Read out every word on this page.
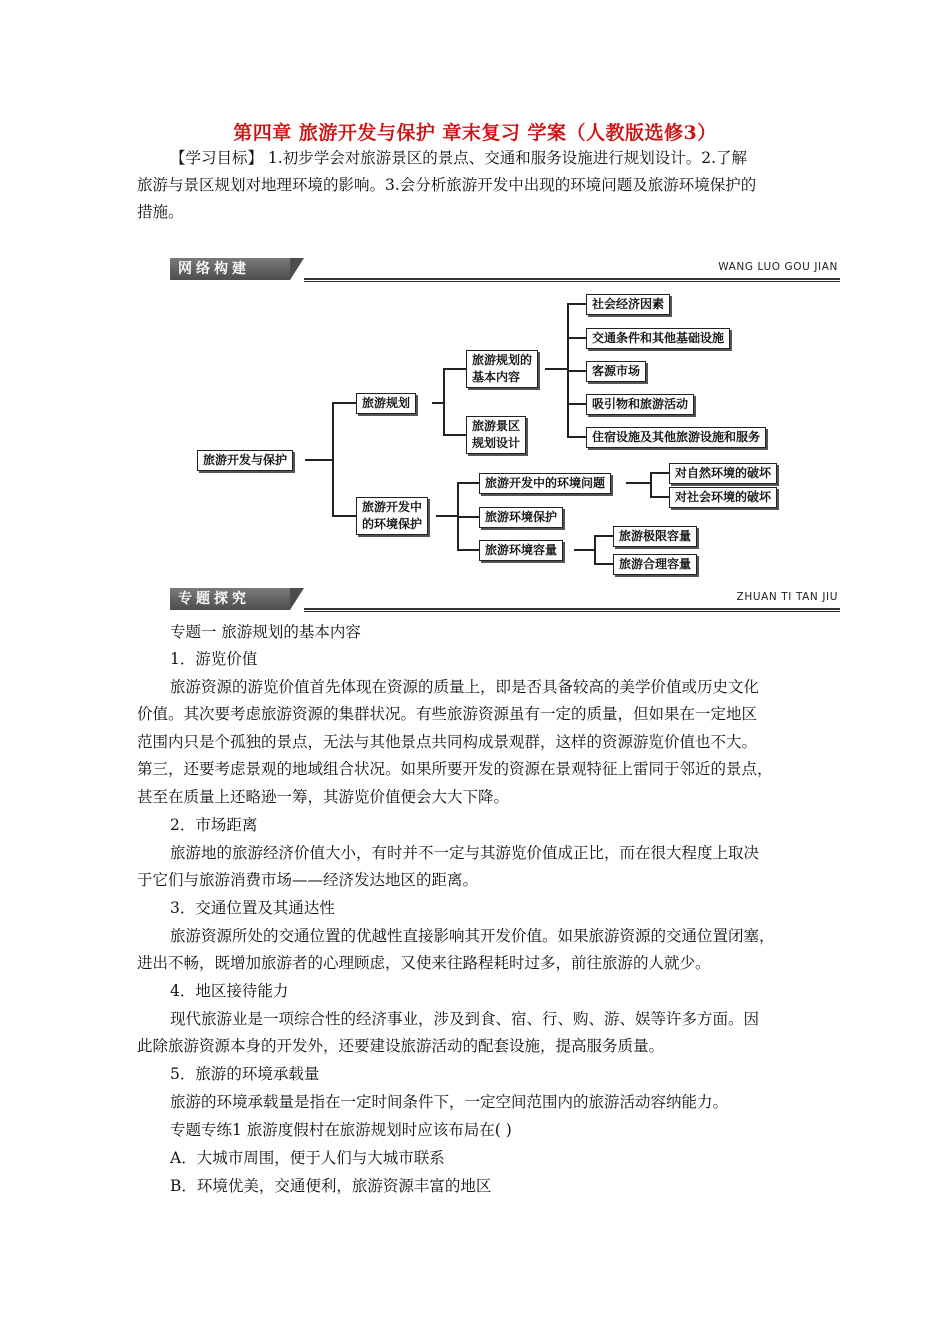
第四章 旅游开发与保护 章末复习 学案（人教版选修3）
【学习目标】 1.初步学会对旅游景区的景点、交通和服务设施进行规划设计。2.了解
旅游与景区规划对地理环境的影响。3.会分析旅游开发中出现的环境问题及旅游环境保护的
措施。
网络构建	WANG LUO GOU JIAN
旅游开发与保护
旅游规划
旅游规划的
基本内容
旅游景区
规划设计
社会经济因素
交通条件和其他基础设施
客源市场
吸引物和旅游活动
住宿设施及其他旅游设施和服务
旅游开发中
的环境保护
旅游开发中的环境问题
对自然环境的破坏
对社会环境的破坏
旅游环境保护
旅游环境容量
旅游极限容量
旅游合理容量
专题探究	ZHUAN TI TAN JIU
专题一 旅游规划的基本内容
1．游览价值
旅游资源的游览价值首先体现在资源的质量上，即是否具备较高的美学价值或历史文化
价值。其次要考虑旅游资源的集群状况。有些旅游资源虽有一定的质量，但如果在一定地区
范围内只是个孤独的景点，无法与其他景点共同构成景观群，这样的资源游览价值也不大。
第三，还要考虑景观的地域组合状况。如果所要开发的资源在景观特征上雷同于邻近的景点，
甚至在质量上还略逊一筹，其游览价值便会大大下降。
2．市场距离
旅游地的旅游经济价值大小，有时并不一定与其游览价值成正比，而在很大程度上取决
于它们与旅游消费市场——经济发达地区的距离。
3．交通位置及其通达性
旅游资源所处的交通位置的优越性直接影响其开发价值。如果旅游资源的交通位置闭塞，
进出不畅，既增加旅游者的心理顾虑，又使来往路程耗时过多，前往旅游的人就少。
4．地区接待能力
现代旅游业是一项综合性的经济事业，涉及到食、宿、行、购、游、娱等许多方面。因
此除旅游资源本身的开发外，还要建设旅游活动的配套设施，提高服务质量。
5．旅游的环境承载量
旅游的环境承载量是指在一定时间条件下，一定空间范围内的旅游活动容纳能力。
专题专练1 旅游度假村在旅游规划时应该布局在( )
A．大城市周围，便于人们与大城市联系
B．环境优美，交通便利，旅游资源丰富的地区
